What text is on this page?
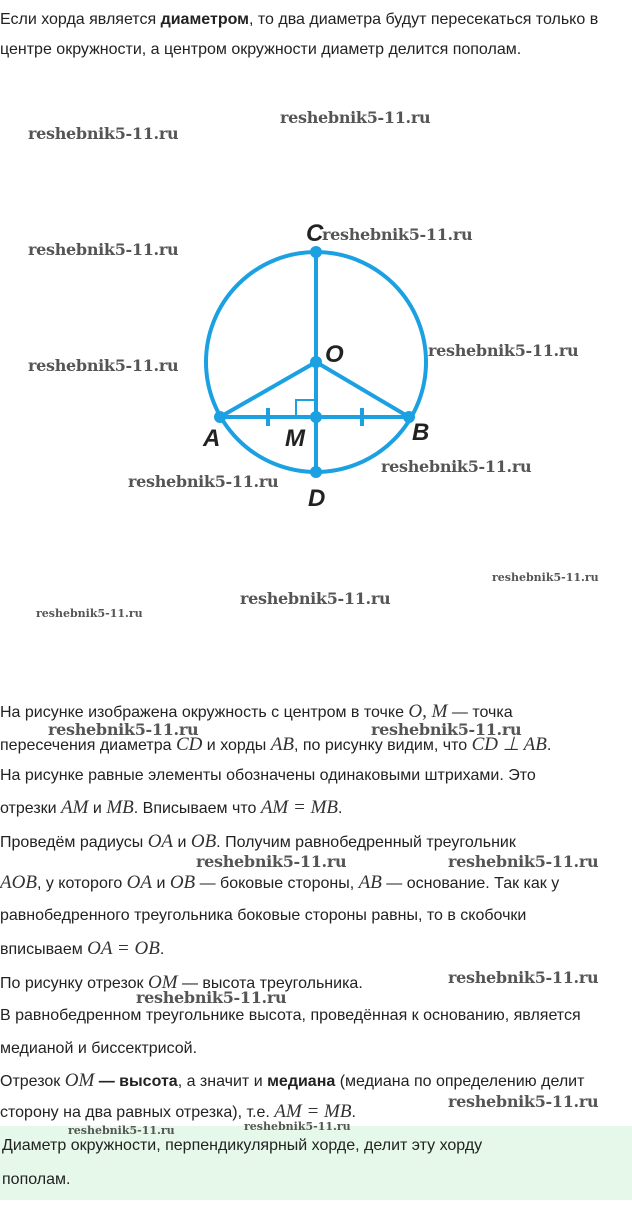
Если хорда является диаметром, то два диаметра будут пересекаться только в
центре окружности, а центром окружности диаметр делится пополам.
C
O
A	M	B
D
На рисунке изображена окружность с центром в точке O, M — точка
пересечения диаметра CD и хорды AB, по рисунку видим, что CD ⊥ AB.
На рисунке равные элементы обозначены одинаковыми штрихами. Это
отрезки AM и MB. Вписываем что AM = MB.
Проведём радиусы OA и OB. Получим равнобедренный треугольник
AOB, у которого OA и OB — боковые стороны, AB — основание. Так как у
равнобедренного треугольника боковые стороны равны, то в скобочки
вписываем OA = OB.
По рисунку отрезок OM — высота треугольника.
В равнобедренном треугольнике высота, проведённая к основанию, является
медианой и биссектрисой.
Отрезок OM — высота, а значит и медиана (медиана по определению делит
сторону на два равных отрезка), т.е. AM = MB.
Диаметр окружности, перпендикулярный хорде, делит эту хорду
пополам.
reshebnik5-11.ru
reshebnik5-11.ru
reshebnik5-11.ru
reshebnik5-11.ru
reshebnik5-11.ru
reshebnik5-11.ru
reshebnik5-11.ru
reshebnik5-11.ru
reshebnik5-11.ru
reshebnik5-11.ru
reshebnik5-11.ru
reshebnik5-11.ru	reshebnik5-11.ru
reshebnik5-11.ru	reshebnik5-11.ru
reshebnik5-11.ru
reshebnik5-11.ru
reshebnik5-11.ru
reshebnik5-11.ru	reshebnik5-11.ru
